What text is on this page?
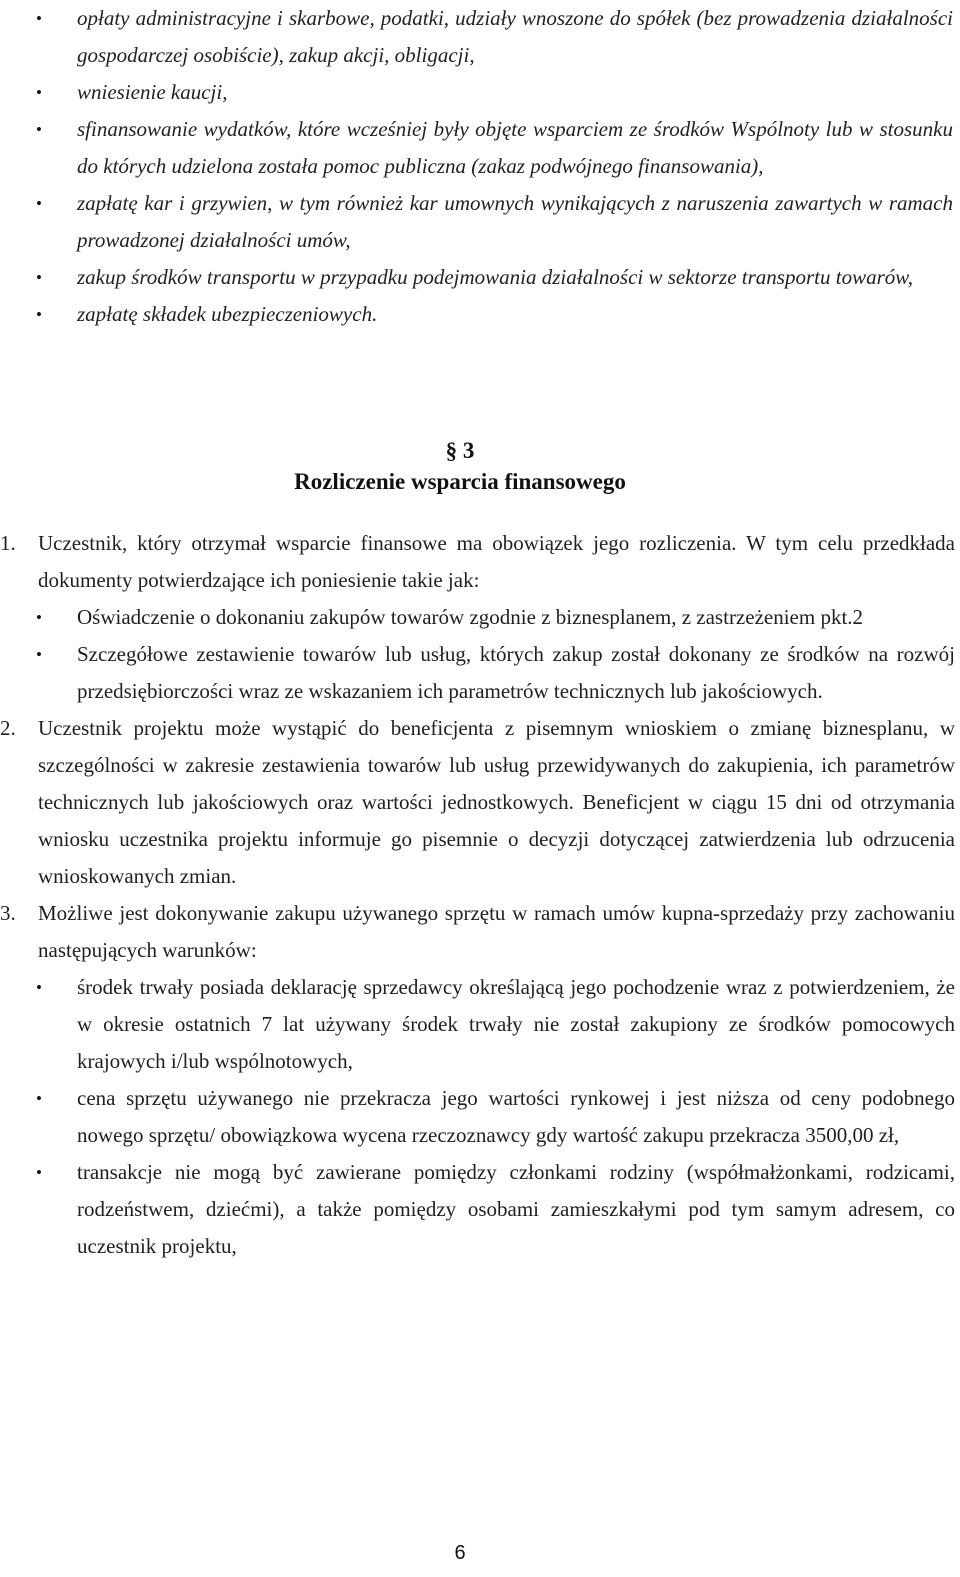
• opłaty administracyjne i skarbowe, podatki, udziały wnoszone do spółek (bez prowadzenia działalności gospodarczej osobiście), zakup akcji, obligacji,
• wniesienie kaucji,
• sfinansowanie wydatków, które wcześniej były objęte wsparciem ze środków Wspólnoty lub w stosunku do których udzielona została pomoc publiczna (zakaz podwójnego finansowania),
• zapłatę kar i grzywien, w tym również kar umownych wynikających z naruszenia zawartych w ramach prowadzonej działalności umów,
• zakup środków transportu w przypadku podejmowania działalności w sektorze transportu towarów,
• zapłatę składek ubezpieczeniowych.
§ 3
Rozliczenie wsparcia finansowego
1.	Uczestnik, który otrzymał wsparcie finansowe ma obowiązek jego rozliczenia. W tym celu przedkłada dokumenty potwierdzające ich poniesienie takie jak:
• Oświadczenie o dokonaniu zakupów towarów zgodnie z biznesplanem, z zastrzeżeniem pkt.2
• Szczegółowe zestawienie towarów lub usług, których zakup został dokonany ze środków na rozwój przedsiębiorczości wraz ze wskazaniem ich parametrów technicznych lub jakościowych.
2.	Uczestnik projektu może wystąpić do beneficjenta z pisemnym wnioskiem o zmianę biznesplanu, w szczególności w zakresie zestawienia towarów lub usług przewidywanych do zakupienia, ich parametrów technicznych lub jakościowych oraz wartości jednostkowych. Beneficjent w ciągu 15 dni od otrzymania wniosku uczestnika projektu informuje go pisemnie o decyzji dotyczącej zatwierdzenia lub odrzucenia wnioskowanych zmian.
3.	Możliwe jest dokonywanie zakupu używanego sprzętu w ramach umów kupna-sprzedaży przy zachowaniu następujących warunków:
• środek trwały posiada deklarację sprzedawcy określającą jego pochodzenie wraz z potwierdzeniem, że w okresie ostatnich 7 lat używany środek trwały nie został zakupiony ze środków pomocowych krajowych i/lub wspólnotowych,
• cena sprzętu używanego nie przekracza jego wartości rynkowej i jest niższa od ceny podobnego nowego sprzętu/ obowiązkowa wycena rzeczoznawcy gdy wartość zakupu przekracza 3500,00 zł,
• transakcje nie mogą być zawierane pomiędzy członkami rodziny (współmałżonkami, rodzicami, rodzeństwem, dziećmi), a także pomiędzy osobami zamieszkałymi pod tym samym adresem, co uczestnik projektu,
6
